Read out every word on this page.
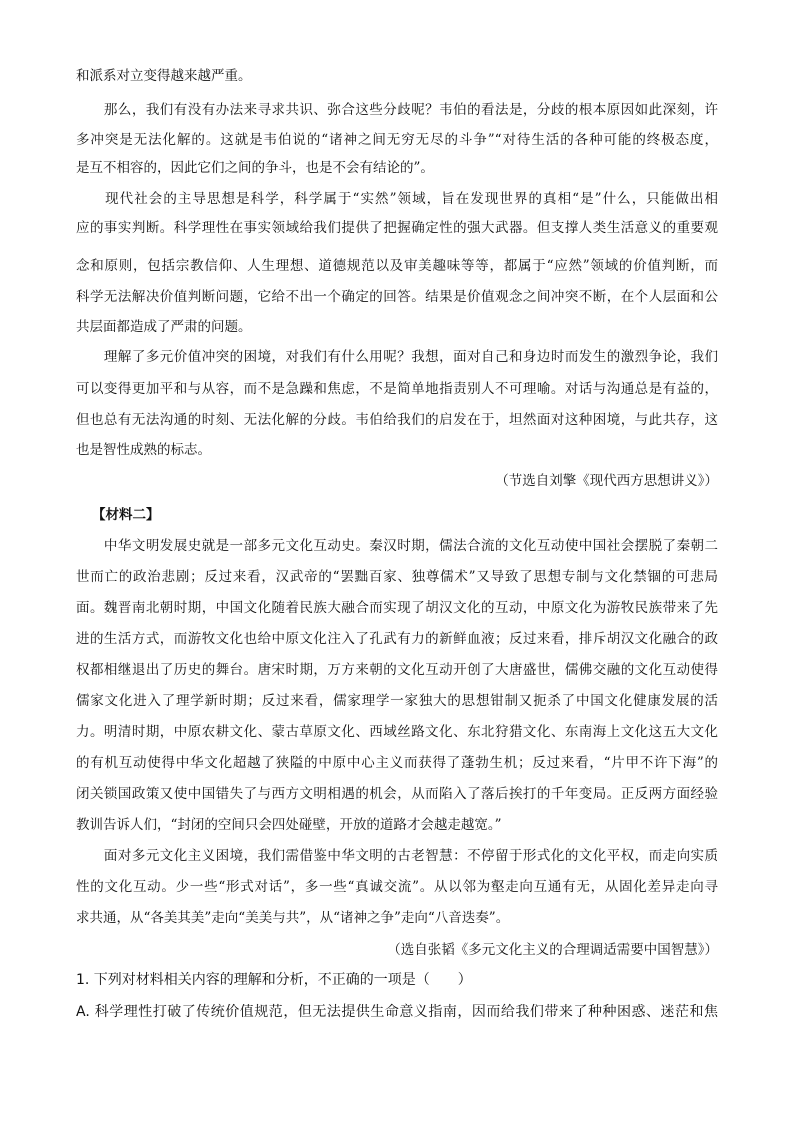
和派系对立变得越来越严重。
　　那么，我们有没有办法来寻求共识、弥合这些分歧呢？韦伯的看法是，分歧的根本原因如此深刻，许
多冲突是无法化解的。这就是韦伯说的“诸神之间无穷无尽的斗争”“对待生活的各种可能的终极态度，
是互不相容的，因此它们之间的争斗，也是不会有结论的”。
　　现代社会的主导思想是科学，科学属于“实然”领域，旨在发现世界的真相“是”什么，只能做出相
应的事实判断。科学理性在事实领域给我们提供了把握确定性的强大武器。但支撑人类生活意义的重要观
念和原则，包括宗教信仰、人生理想、道德规范以及审美趣味等等，都属于“应然”领域的价值判断，而
科学无法解决价值判断问题，它给不出一个确定的回答。结果是价值观念之间冲突不断，在个人层面和公
共层面都造成了严肃的问题。
　　理解了多元价值冲突的困境，对我们有什么用呢？我想，面对自己和身边时而发生的激烈争论，我们
可以变得更加平和与从容，而不是急躁和焦虑，不是简单地指责别人不可理喻。对话与沟通总是有益的，
但也总有无法沟通的时刻、无法化解的分歧。韦伯给我们的启发在于，坦然面对这种困境，与此共存，这
也是智性成熟的标志。
（节选自刘擎《现代西方思想讲义》）
【材料二】
　　中华文明发展史就是一部多元文化互动史。秦汉时期，儒法合流的文化互动使中国社会摆脱了秦朝二
世而亡的政治悲剧；反过来看，汉武帝的“罢黜百家、独尊儒术”又导致了思想专制与文化禁锢的可悲局
面。魏晋南北朝时期，中国文化随着民族大融合而实现了胡汉文化的互动，中原文化为游牧民族带来了先
进的生活方式，而游牧文化也给中原文化注入了孔武有力的新鲜血液；反过来看，排斥胡汉文化融合的政
权都相继退出了历史的舞台。唐宋时期，万方来朝的文化互动开创了大唐盛世，儒佛交融的文化互动使得
儒家文化进入了理学新时期；反过来看，儒家理学一家独大的思想钳制又扼杀了中国文化健康发展的活
力。明清时期，中原农耕文化、蒙古草原文化、西域丝路文化、东北狩猎文化、东南海上文化这五大文化
的有机互动使得中华文化超越了狭隘的中原中心主义而获得了蓬勃生机；反过来看，“片甲不许下海”的
闭关锁国政策又使中国错失了与西方文明相遇的机会，从而陷入了落后挨打的千年变局。正反两方面经验
教训告诉人们，“封闭的空间只会四处碰壁，开放的道路才会越走越宽。”
　　面对多元文化主义困境，我们需借鉴中华文明的古老智慧：不停留于形式化的文化平权，而走向实质
性的文化互动。少一些“形式对话”，多一些“真诚交流”。从以邻为壑走向互通有无，从固化差异走向寻
求共通，从“各美其美”走向“美美与共”，从“诸神之争”走向“八音迭奏”。
（选自张韬《多元文化主义的合理调适需要中国智慧》）
1. 下列对材料相关内容的理解和分析，不正确的一项是（　　）
A. 科学理性打破了传统价值规范，但无法提供生命意义指南，因而给我们带来了种种困惑、迷茫和焦
